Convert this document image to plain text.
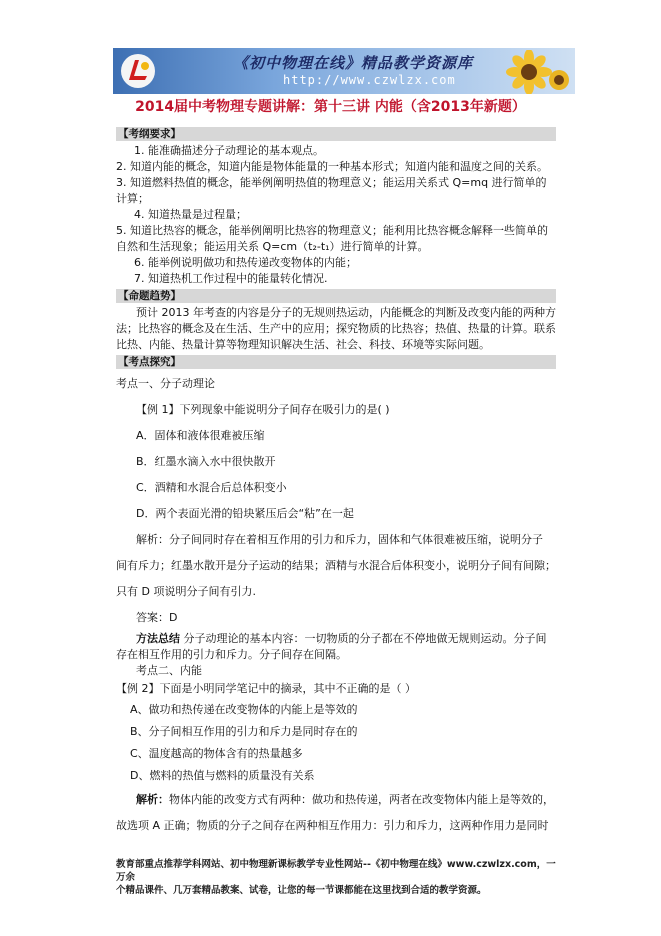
《初中物理在线》精品教学资源库
http://www.czwlzx.com
2014届中考物理专题讲解：第十三讲 内能（含2013年新题）
【考纲要求】

1. 能准确描述分子动理论的基本观点。

2. 知道内能的概念，知道内能是物体能量的一种基本形式；知道内能和温度之间的关系。

3. 知道燃料热值的概念，能举例阐明热值的物理意义；能运用关系式 Q=mq 进行简单的计算；

4. 知道热量是过程量；

5. 知道比热容的概念，能举例阐明比热容的物理意义；能利用比热容概念解释一些简单的自然和生活现象；能运用关系 Q=cm（t₂-t₁）进行简单的计算。

6. 能举例说明做功和热传递改变物体的内能；

7. 知道热机工作过程中的能量转化情况.

【命题趋势】

预计 2013 年考查的内容是分子的无规则热运动，内能概念的判断及改变内能的两种方法；比热容的概念及在生活、生产中的应用；探究物质的比热容；热值、热量的计算。联系比热、内能、热量计算等物理知识解决生活、社会、科技、环境等实际问题。

【考点探究】

考点一、分子动理论

【例 1】下列现象中能说明分子间存在吸引力的是( )

A．固体和液体很难被压缩

B．红墨水滴入水中很快散开

C．酒精和水混合后总体积变小

D．两个表面光滑的铅块紧压后会“粘”在一起

解析：分子间同时存在着相互作用的引力和斥力，固体和气体很难被压缩，说明分子

间有斥力；红墨水散开是分子运动的结果；酒精与水混合后体积变小，说明分子间有间隙；

只有 D 项说明分子间有引力.

答案：D

方法总结 分子动理论的基本内容：一切物质的分子都在不停地做无规则运动。分子间存在相互作用的引力和斥力。分子间存在间隔。

考点二、内能

【例 2】下面是小明同学笔记中的摘录，其中不正确的是（ ）

A、做功和热传递在改变物体的内能上是等效的

B、分子间相互作用的引力和斥力是同时存在的

C、温度越高的物体含有的热量越多

D、燃料的热值与燃料的质量没有关系

解析：物体内能的改变方式有两种：做功和热传递，两者在改变物体内能上是等效的，

故选项 A 正确；物质的分子之间存在两种相互作用力：引力和斥力，这两种作用力是同时

教育部重点推荐学科网站、初中物理新课标教学专业性网站--《初中物理在线》www.czwlzx.com，一万余
个精品课件、几万套精品教案、试卷，让您的每一节课都能在这里找到合适的教学资源。
